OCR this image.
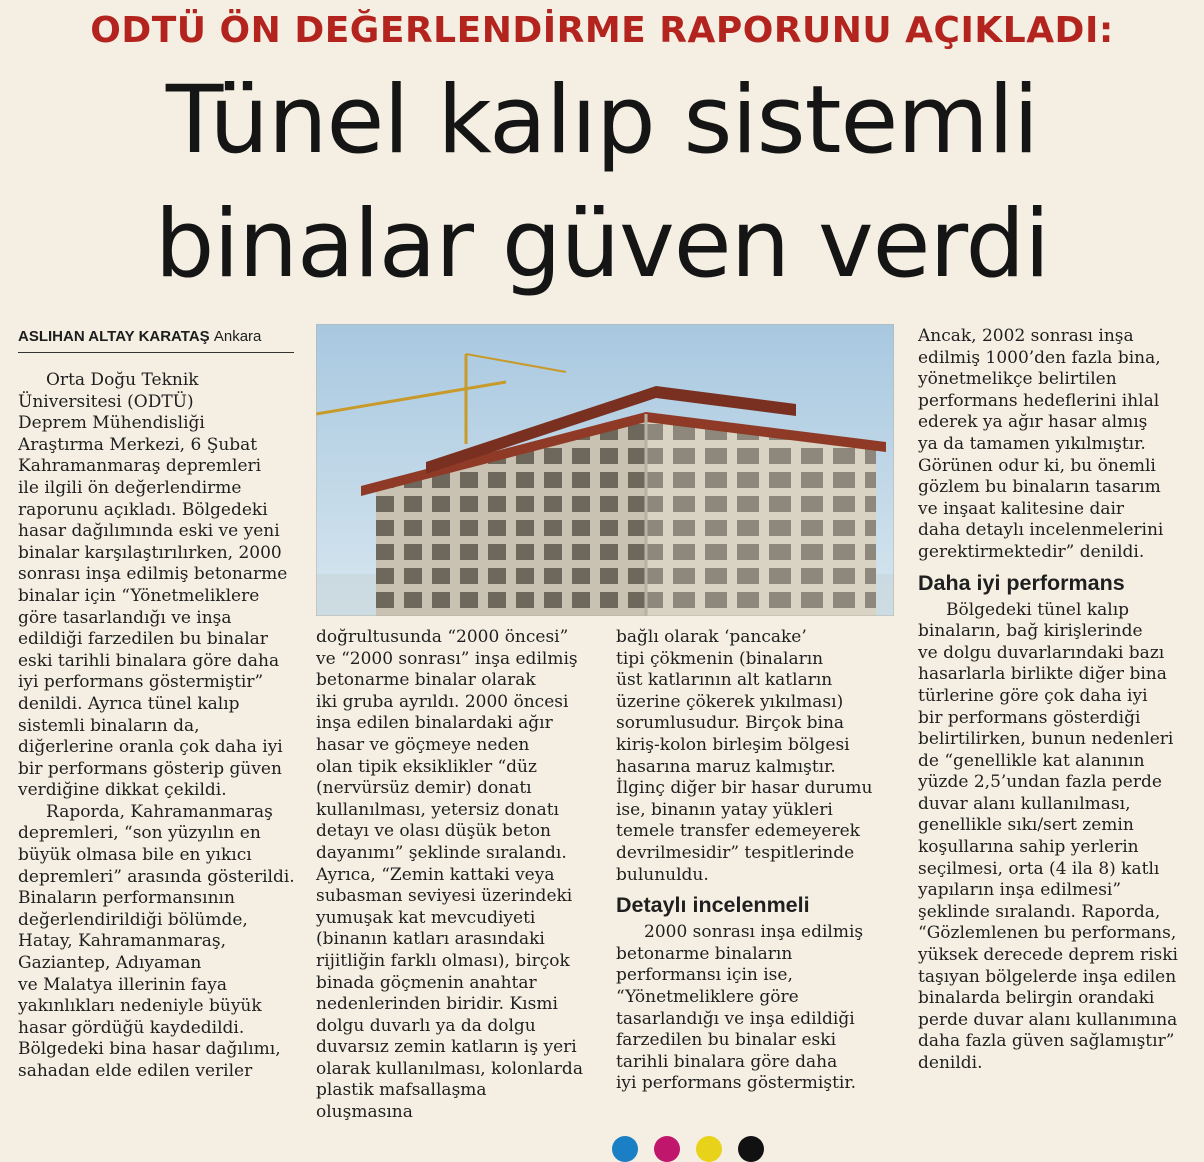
ODTÜ ÖN DEĞERLENDİRME RAPORUNU AÇIKLADI:
Tünel kalıp sistemli
binalar güven verdi
ASLIHAN ALTAY KARATAŞ Ankara

Orta Doğu Teknik

Üniversitesi (ODTÜ)

Deprem Mühendisliği

Araştırma Merkezi, 6 Şubat

Kahramanmaraş depremleri

ile ilgili ön değerlendirme

raporunu açıkladı. Bölgedeki

hasar dağılımında eski ve yeni

binalar karşılaştırılırken, 2000

sonrası inşa edilmiş betonarme

binalar için “Yönetmeliklere

göre tasarlandığı ve inşa

edildiği farzedilen bu binalar

eski tarihli binalara göre daha

iyi performans göstermiştir”

denildi. Ayrıca tünel kalıp

sistemli binaların da,

diğerlerine oranla çok daha iyi

bir performans gösterip güven

verdiğine dikkat çekildi.

Raporda, Kahramanmaraş

depremleri, “son yüzyılın en

büyük olmasa bile en yıkıcı

depremleri” arasında gösterildi.

Binaların performansının

değerlendirildiği bölümde,

Hatay, Kahramanmaraş,

Gaziantep, Adıyaman

ve Malatya illerinin faya

yakınlıkları nedeniyle büyük

hasar gördüğü kaydedildi.

Bölgedeki bina hasar dağılımı,

sahadan elde edilen veriler

doğrultusunda “2000 öncesi”

ve “2000 sonrası” inşa edilmiş

betonarme binalar olarak

iki gruba ayrıldı. 2000 öncesi

inşa edilen binalardaki ağır

hasar ve göçmeye neden

olan tipik eksiklikler “düz

(nervürsüz demir) donatı

kullanılması, yetersiz donatı

detayı ve olası düşük beton

dayanımı” şeklinde sıralandı.

Ayrıca, “Zemin kattaki veya

subasman seviyesi üzerindeki

yumuşak kat mevcudiyeti

(binanın katları arasındaki

rijitliğin farklı olması), birçok

binada göçmenin anahtar

nedenlerinden biridir. Kısmi

dolgu duvarlı ya da dolgu

duvarsız zemin katların iş yeri

olarak kullanılması, kolonlarda

plastik mafsallaşma oluşmasına

bağlı olarak ‘pancake’

tipi çökmenin (binaların

üst katlarının alt katların

üzerine çökerek yıkılması)

sorumlusudur. Birçok bina

kiriş-kolon birleşim bölgesi

hasarına maruz kalmıştır.

İlginç diğer bir hasar durumu

ise, binanın yatay yükleri

temele transfer edemeyerek

devrilmesidir” tespitlerinde

bulunuldu.

Detaylı incelenmeli

2000 sonrası inşa edilmiş

betonarme binaların

performansı için ise,

“Yönetmeliklere göre

tasarlandığı ve inşa edildiği

farzedilen bu binalar eski

tarihli binalara göre daha

iyi performans göstermiştir.

Ancak, 2002 sonrası inşa

edilmiş 1000’den fazla bina,

yönetmelikçe belirtilen

performans hedeflerini ihlal

ederek ya ağır hasar almış

ya da tamamen yıkılmıştır.

Görünen odur ki, bu önemli

gözlem bu binaların tasarım

ve inşaat kalitesine dair

daha detaylı incelenmelerini

gerektirmektedir” denildi.

Daha iyi performans

Bölgedeki tünel kalıp

binaların, bağ kirişlerinde

ve dolgu duvarlarındaki bazı

hasarlarla birlikte diğer bina

türlerine göre çok daha iyi

bir performans gösterdiği

belirtilirken, bunun nedenleri

de “genellikle kat alanının

yüzde 2,5’undan fazla perde

duvar alanı kullanılması,

genellikle sıkı/sert zemin

koşullarına sahip yerlerin

seçilmesi, orta (4 ila 8) katlı

yapıların inşa edilmesi”

şeklinde sıralandı. Raporda,

“Gözlemlenen bu performans,

yüksek derecede deprem riski

taşıyan bölgelerde inşa edilen

binalarda belirgin orandaki

perde duvar alanı kullanımına

daha fazla güven sağlamıştır”

denildi.
